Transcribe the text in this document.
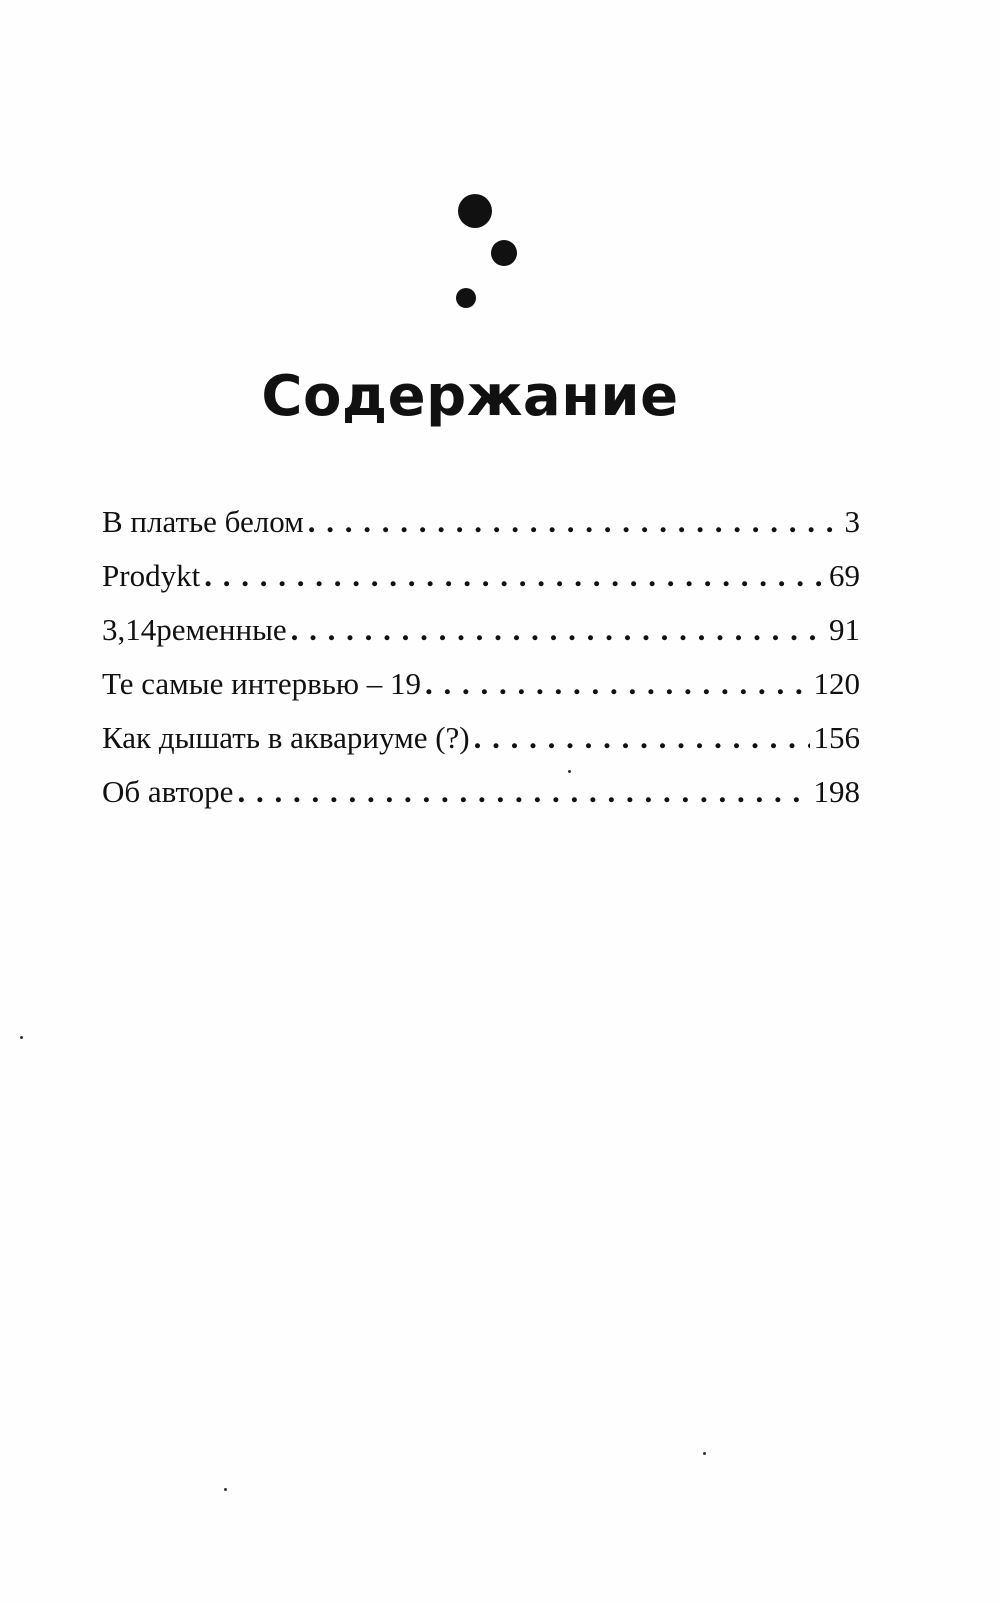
Содержание
В платье белом . . .	3
Prodykt . . .	69
3,14ременные . . .	91
Те самые интервью – 19 . . .	120
Как дышать в аквариуме (?) . . .	156
Об авторе . . .	198
